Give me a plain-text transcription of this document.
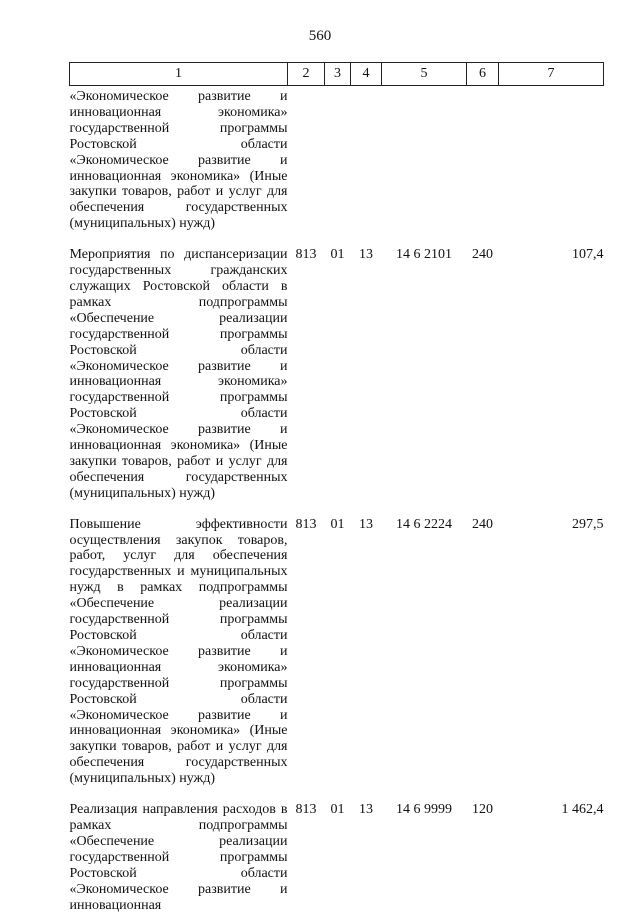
560
1	2	3	4	5	6	7
«Экономическое развитие и инновационная экономика» государственной программы Ростовской области «Экономическое развитие и инновационная экономика» (Иные закупки товаров, работ и услуг для обеспечения государственных (муниципальных) нужд)						
Мероприятия по диспансеризации государственных гражданских служащих Ростовской области в рамках подпрограммы «Обеспечение реализации государственной программы Ростовской области «Экономическое развитие и инновационная экономика» государственной программы Ростовской области «Экономическое развитие и инновационная экономика» (Иные закупки товаров, работ и услуг для обеспечения государственных (муниципальных) нужд)	813	01	13	14 6 2101	240	107,4
Повышение эффективности осуществления закупок товаров, работ, услуг для обеспечения государственных и муниципальных нужд в рамках подпрограммы «Обеспечение реализации государственной программы Ростовской области «Экономическое развитие и инновационная экономика» государственной программы Ростовской области «Экономическое развитие и инновационная экономика» (Иные закупки товаров, работ и услуг для обеспечения государственных (муниципальных) нужд)	813	01	13	14 6 2224	240	297,5
Реализация направления расходов в рамках подпрограммы «Обеспечение реализации государственной программы Ростовской области «Экономическое развитие и инновационная	813	01	13	14 6 9999	120	1 462,4
